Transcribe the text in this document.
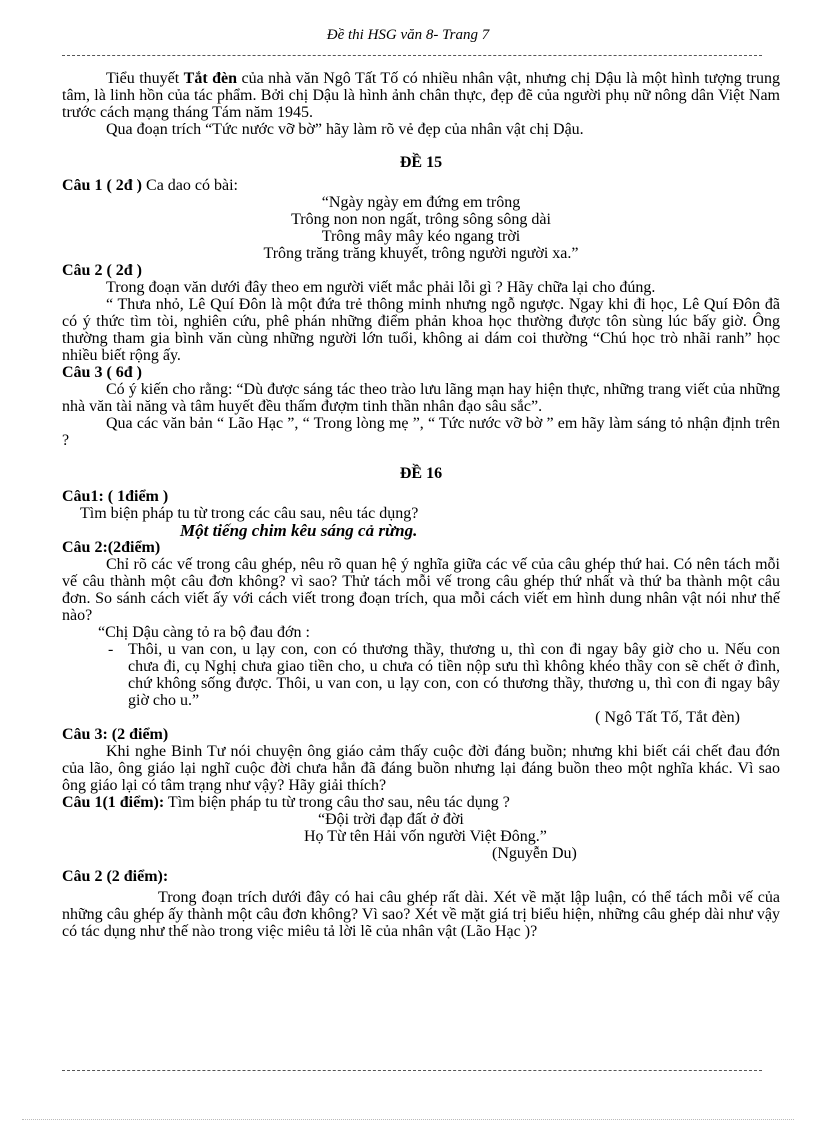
Đề thi HSG văn 8- Trang 7

Tiểu thuyết Tắt đèn của nhà văn Ngô Tất Tố có nhiều nhân vật, nhưng chị Dậu là một hình tượng trung tâm, là linh hồn của tác phẩm. Bởi chị Dậu là hình ảnh chân thực, đẹp đẽ của người phụ nữ nông dân Việt Nam trước cách mạng tháng Tám năm 1945.

Qua đoạn trích “Tức nước vỡ bờ” hãy làm rõ vẻ đẹp của nhân vật chị Dậu.

ĐỀ 15

Câu 1 ( 2đ ) Ca dao có bài:

“Ngày ngày em đứng em trông

Trông non non ngất, trông sông sông dài

Trông mây mây kéo ngang trời

Trông trăng trăng khuyết, trông người người xa.”

Câu 2 ( 2đ )

Trong đoạn văn dưới đây theo em người viết mắc phải lỗi gì ? Hãy chữa lại cho đúng.

“ Thưa nhỏ, Lê Quí Đôn là một đứa trẻ thông minh nhưng ngỗ ngược. Ngay khi đi học, Lê Quí Đôn đã có ý thức tìm tòi, nghiên cứu, phê phán những điểm phản khoa học thường được tôn sùng lúc bấy giờ. Ông thường tham gia bình văn cùng những người lớn tuổi, không ai dám coi thường “Chú học trò nhãi ranh” học nhiều biết rộng ấy.

Câu 3 ( 6đ )

Có ý kiến cho rằng: “Dù được sáng tác theo trào lưu lãng mạn hay hiện thực, những trang viết của những nhà văn tài năng và tâm huyết đều thấm đượm tinh thần nhân đạo sâu sắc”.

Qua các văn bản “ Lão Hạc ”, “ Trong lòng mẹ ”, “ Tức nước vỡ bờ ” em hãy làm sáng tỏ nhận định trên ?

ĐỀ 16

Câu1: ( 1điểm )

Tìm biện pháp tu từ trong các câu sau, nêu tác dụng?

Một tiếng chim kêu sáng cả rừng.

Câu 2:(2điểm)

Chỉ rõ các vế trong câu ghép, nêu rõ quan hệ ý nghĩa giữa các vế của câu ghép thứ hai. Có nên tách mỗi vế câu thành một câu đơn không? vì sao? Thử tách mỗi vế trong câu ghép thứ nhất và thứ ba thành một câu đơn. So sánh cách viết ấy với cách viết trong đoạn trích, qua mỗi cách viết em hình dung nhân vật nói như thế nào?

“Chị Dậu càng tỏ ra bộ đau đớn :

- Thôi, u van con, u lạy con, con có thương thầy, thương u, thì con đi ngay bây giờ cho u. Nếu con chưa đi, cụ Nghị chưa giao tiền cho, u chưa có tiền nộp sưu thì không khéo thầy con sẽ chết ở đình, chứ không sống được. Thôi, u van con, u lạy con, con có thương thầy, thương u, thì con đi ngay bây giờ cho u.”

( Ngô Tất Tố, Tắt đèn)

Câu 3: (2 điểm)

Khi nghe Binh Tư nói chuyện ông giáo cảm thấy cuộc đời đáng buồn; nhưng khi biết cái chết đau đớn của lão, ông giáo lại nghĩ cuộc đời chưa hẳn đã đáng buồn nhưng lại đáng buồn theo một nghĩa khác. Vì sao ông giáo lại có tâm trạng như vậy? Hãy giải thích?

Câu 1(1 điểm): Tìm biện pháp tu từ trong câu thơ sau, nêu tác dụng ?

“Đội trời đạp đất ở đời

Họ Từ tên Hải vốn người Việt Đông.”

(Nguyễn Du)

Câu 2 (2 điểm):

Trong đoạn trích dưới đây có hai câu ghép rất dài. Xét về mặt lập luận, có thể tách mỗi vế của những câu ghép ấy thành một câu đơn không? Vì sao? Xét về mặt giá trị biểu hiện, những câu ghép dài như vậy có tác dụng như thế nào trong việc miêu tả lời lẽ của nhân vật (Lão Hạc )?
